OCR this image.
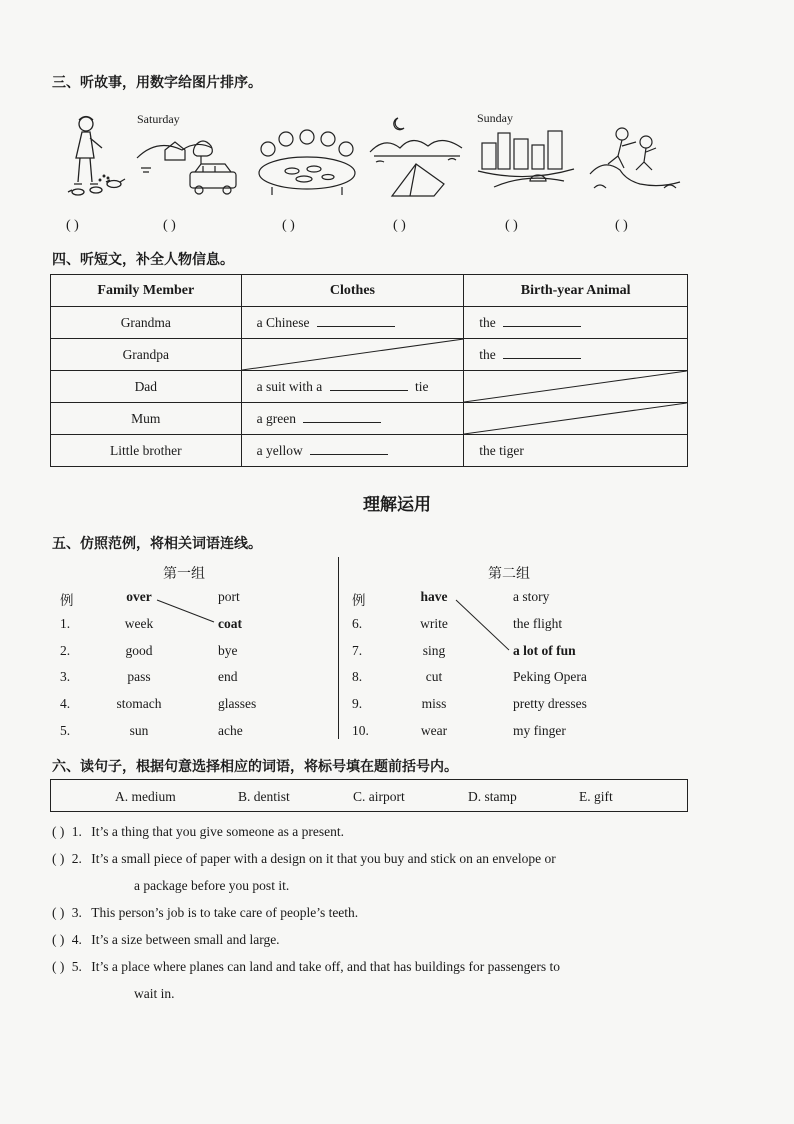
三、听故事，用数字给图片排序。
Saturday	Sunday
( )	( )	( )	( )	( )	( )
四、听短文，补全人物信息。
Family Member	Clothes	Birth-year Animal
Grandma	a Chinese	the
Grandpa		the
Dad	a suit with a tie	

Mum	a green	

Little brother	a yellow	the tiger
理解运用
五、仿照范例，将相关词语连线。
第一组	第二组
例	over	port
1.	week	coat
2.	good	bye
3.	pass	end
4.	stomach	glasses
5.	sun	ache
例	have	a story
6.	write	the flight
7.	sing	a lot of fun
8.	cut	Peking Opera
9.	miss	pretty dresses
10.	wear	my finger
六、读句子，根据句意选择相应的词语，将标号填在题前括号内。
A. medium	B. dentist	C. airport	D. stamp	E. gift
( ) 1. It’s a thing that you give someone as a present.
( ) 2. It’s a small piece of paper with a design on it that you buy and stick on an envelope or
a package before you post it.
( ) 3. This person’s job is to take care of people’s teeth.
( ) 4. It’s a size between small and large.
( ) 5. It’s a place where planes can land and take off, and that has buildings for passengers to
wait in.
